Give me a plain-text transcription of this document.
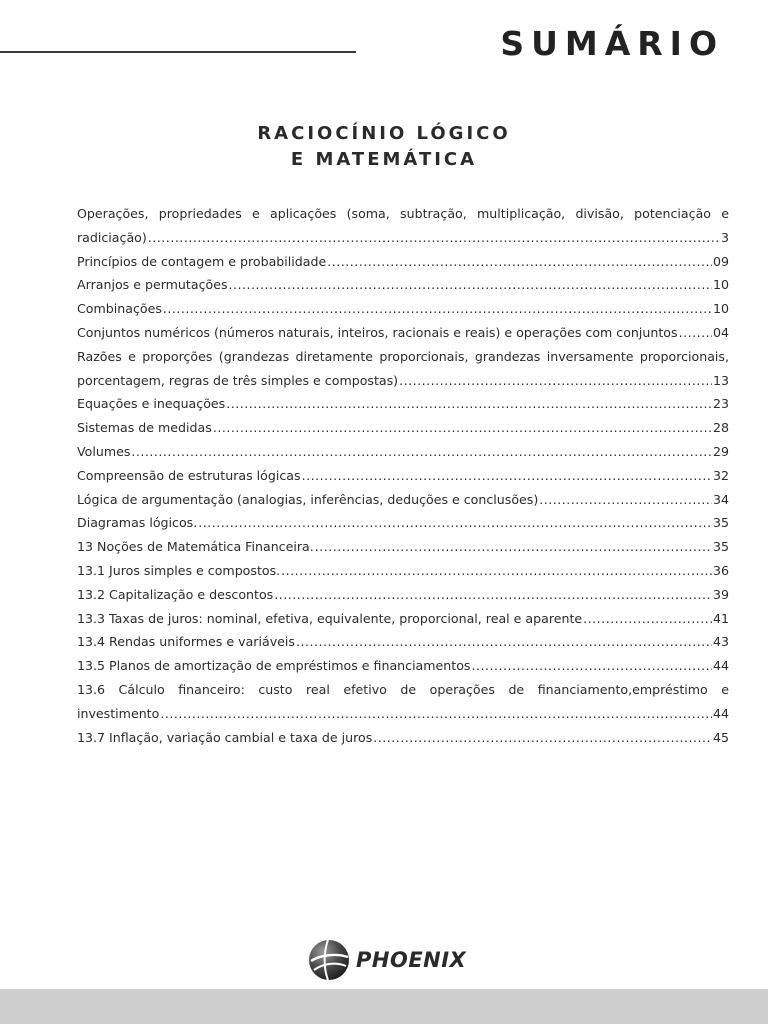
SUMÁRIO
RACIOCÍNIO LÓGICO
E MATEMÁTICA
Operações, propriedades e aplicações (soma, subtração, multiplicação, divisão, potenciação e
radiciação) .....	3
Princípios de contagem e probabilidade .....	09
Arranjos e permutações .....	10
Combinações .....	10
Conjuntos numéricos (números naturais, inteiros, racionais e reais) e operações com conjuntos .....	04
Razões e proporções (grandezas diretamente proporcionais, grandezas inversamente proporcionais,
porcentagem, regras de três simples e compostas) .....	13
Equações e inequações .....	23
Sistemas de medidas .....	28
Volumes .....	29
Compreensão de estruturas lógicas .....	32
Lógica de argumentação (analogias, inferências, deduções e conclusões) .....	34
Diagramas lógicos. .....	35
13 Noções de Matemática Financeira. .....	35
13.1 Juros simples e compostos. .....	36
13.2 Capitalização e descontos .....	39
13.3 Taxas de juros: nominal, efetiva, equivalente, proporcional, real e aparente .....	41
13.4 Rendas uniformes e variáveis .....	43
13.5 Planos de amortização de empréstimos e financiamentos .....	44
13.6 Cálculo financeiro: custo real efetivo de operações de financiamento,empréstimo e
investimento .....	44
13.7 Inflação, variação cambial e taxa de juros .....	45
PHOENIX
